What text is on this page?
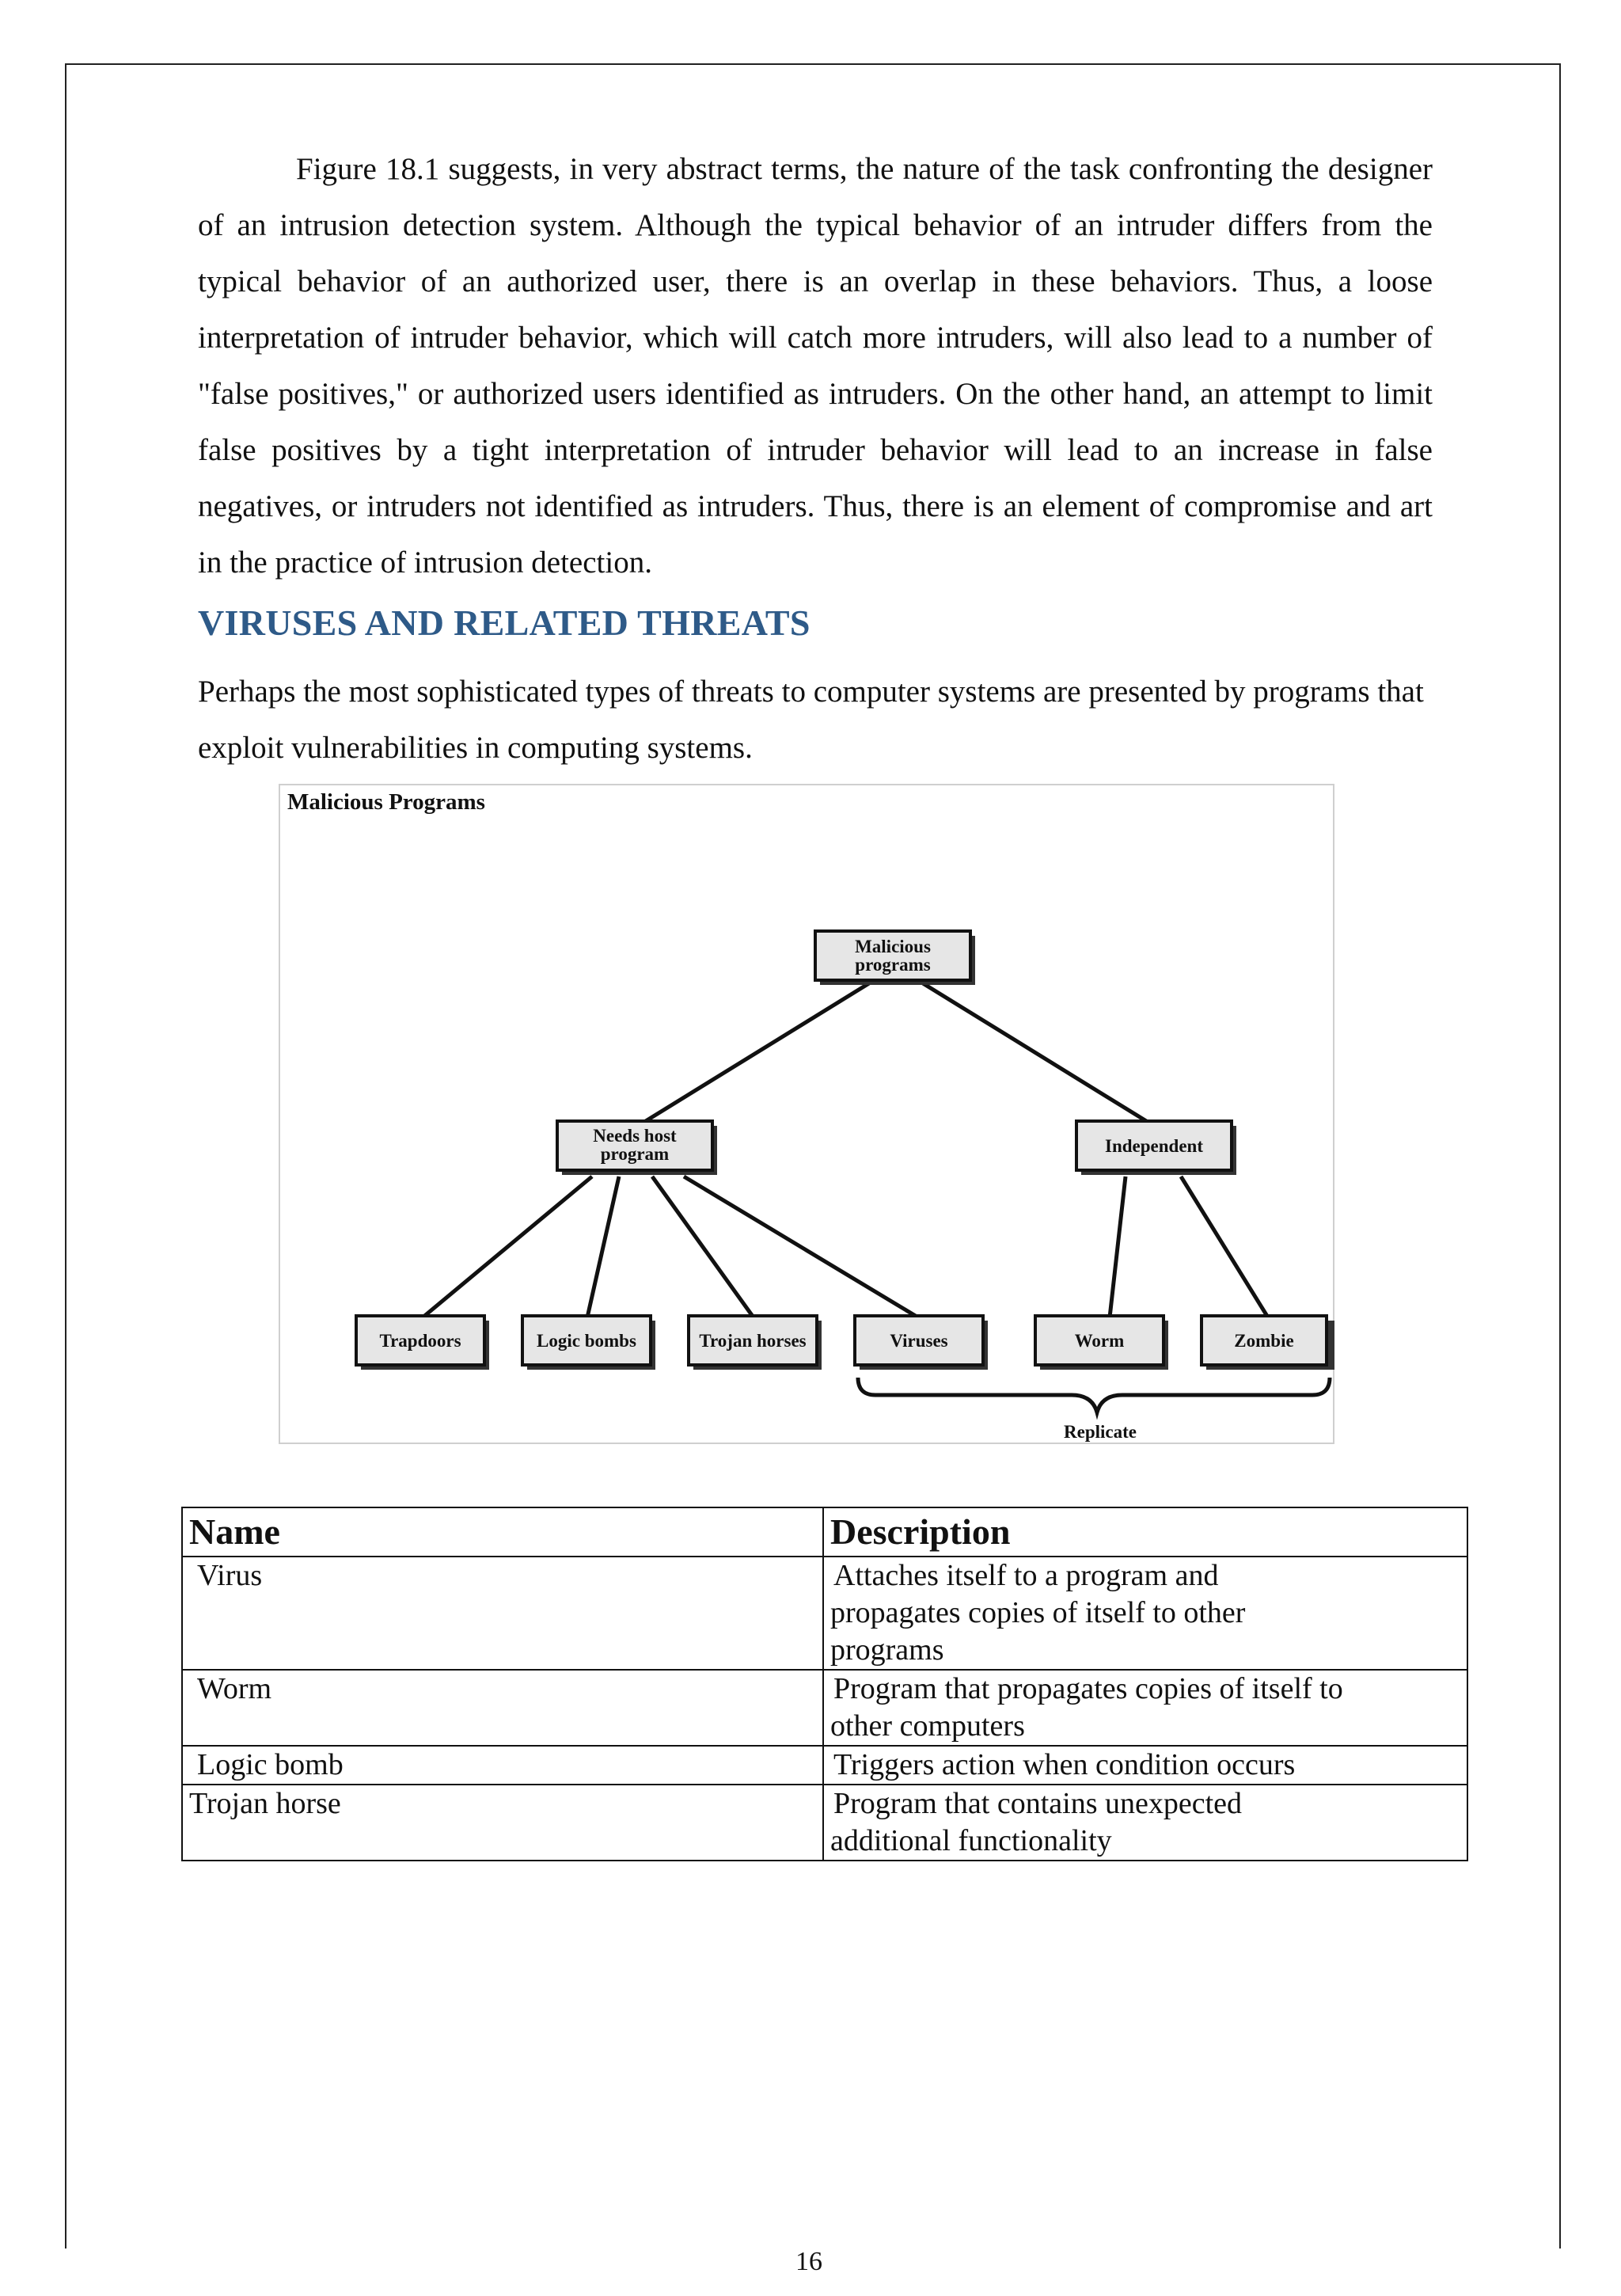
Figure 18.1 suggests, in very abstract terms, the nature of the task confronting the designer of an intrusion detection system. Although the typical behavior of an intruder differs from the typical behavior of an authorized user, there is an overlap in these behaviors. Thus, a loose interpretation of intruder behavior, which will catch more intruders, will also lead to a number of "false positives," or authorized users identified as intruders. On the other hand, an attempt to limit false positives by a tight interpretation of intruder behavior will lead to an increase in false negatives, or intruders not identified as intruders. Thus, there is an element of compromise and art in the practice of intrusion detection.

VIRUSES AND RELATED THREATS

Perhaps the most sophisticated types of threats to computer systems are presented by programs that exploit vulnerabilities in computing systems.

Malicious Programs
Malicious
programs
Needs host
program	Independent
Trapdoors	Logic bombs	Trojan horses	Viruses	Worm	Zombie
Replicate
Name	Description
Virus	Attaches itself to a program and
propagates copies of itself to other
programs

Worm	Program that propagates copies of itself to
other computers

Logic bomb	Triggers action when condition occurs

Trojan horse	Program that contains unexpected
additional functionality
16
